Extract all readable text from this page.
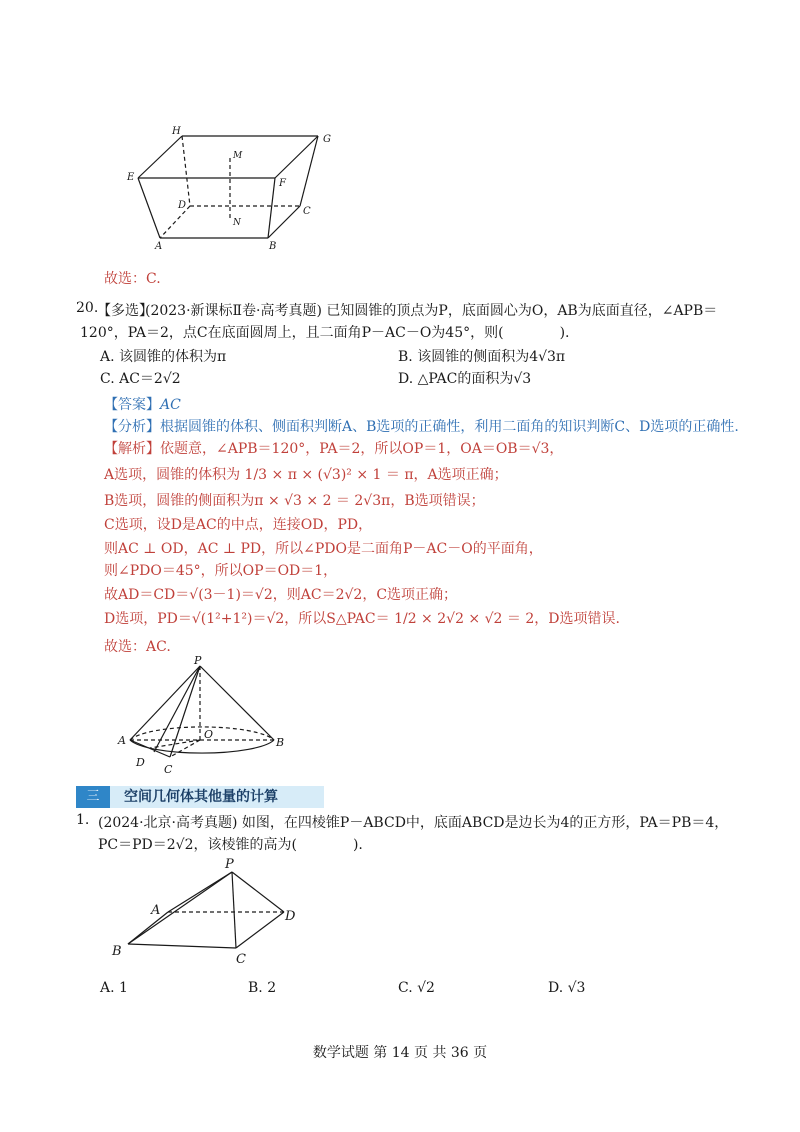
H
G
M
E
F
D
C
N
A	B
故选：C.
20.
【多选】
(2023·新课标Ⅱ卷·高考真题) 已知圆锥的顶点为P，底面圆心为O，AB为底面直径，∠APB＝
120°，PA＝2，点C在底面圆周上，且二面角P－AC－O为45°，则(　　　　).
A. 该圆锥的体积为π	B. 该圆锥的侧面积为4√3π
C. AC＝2√2	D. △PAC的面积为√3
【答案】AC
【分析】根据圆锥的体积、侧面积判断A、B选项的正确性，利用二面角的知识判断C、D选项的正确性.
【解析】依题意，∠APB＝120°，PA＝2，所以OP＝1，OA＝OB＝√3，
A选项，圆锥的体积为 1/3 × π × (√3)² × 1 ＝ π，A选项正确；
B选项，圆锥的侧面积为π × √3 × 2 ＝ 2√3π，B选项错误；
C选项，设D是AC的中点，连接OD，PD，
则AC ⊥ OD，AC ⊥ PD，所以∠PDO是二面角P－AC－O的平面角，
则∠PDO＝45°，所以OP＝OD＝1，
故AD＝CD＝√(3－1)＝√2，则AC＝2√2，C选项正确；
D选项，PD＝√(1²+1²)＝√2，所以S△PAC＝ 1/2 × 2√2 × √2 ＝ 2，D选项错误.
故选：AC.
P
A	O
B
D
C
三	空间几何体其他量的计算
1. (2024·北京·高考真题) 如图，在四棱锥P－ABCD中，底面ABCD是边长为4的正方形，PA＝PB＝4，
PC＝PD＝2√2，该棱锥的高为(　　　　).
P
A	D
B
C
A. 1	B. 2	C. √2	D. √3
数学试题 第 14 页 共 36 页
